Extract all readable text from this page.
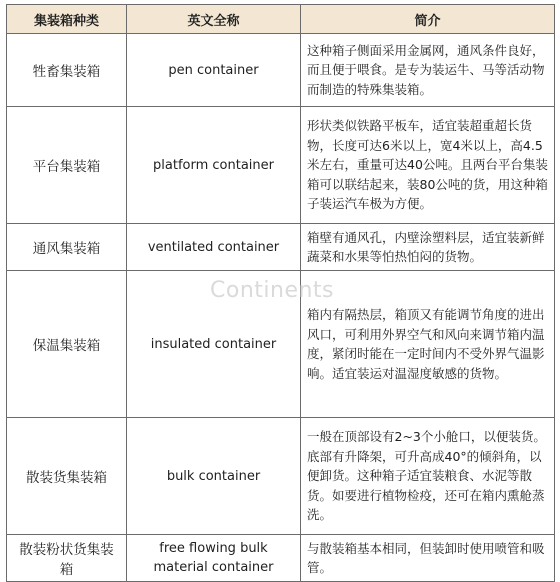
集装箱种类	英文全称	简介
牲畜集装箱	pen container	这种箱子侧面采用金属网，通风条件良好，而且便于喂食。是专为装运牛、马等活动物而制造的特殊集装箱。
平台集装箱	platform container	形状类似铁路平板车，适宜装超重超长货物，长度可达6米以上，宽4米以上，高4.5米左右，重量可达40公吨。且两台平台集装箱可以联结起来，装80公吨的货，用这种箱子装运汽车极为方便。
通风集装箱	ventilated container	箱壁有通风孔，内壁涂塑料层，适宜装新鲜蔬菜和水果等怕热怕闷的货物。
保温集装箱	insulated container	箱内有隔热层，箱顶又有能调节角度的进出风口，可利用外界空气和风向来调节箱内温度，紧闭时能在一定时间内不受外界气温影响。适宜装运对温湿度敏感的货物。
散装货集装箱	bulk container	一般在顶部设有2~3个小舱口，以便装货。底部有升降架，可升高成40°的倾斜角，以便卸货。这种箱子适宜装粮食、水泥等散货。如要进行植物检疫，还可在箱内熏舱蒸洗。
散装粉状货集装箱	free flowing bulk material container	与散装箱基本相同，但装卸时使用喷管和吸管。
Continents
